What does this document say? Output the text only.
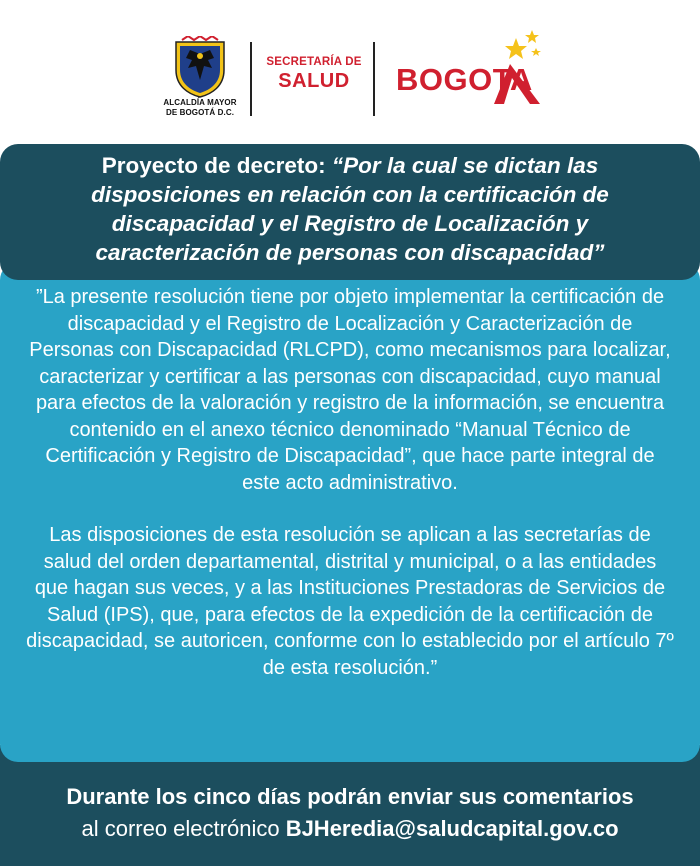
ALCALDÍA MAYOR
DE BOGOTÁ D.C.
SECRETARÍA DE
SALUD	BOGOTA
Proyecto de decreto: “Por la cual se dictan las disposiciones en relación con la certificación de discapacidad y el Registro de Localización y caracterización de personas con discapacidad”

”La presente resolución tiene por objeto implementar la certificación de discapacidad y el Registro de Localización y Caracterización de Personas con Discapacidad (RLCPD), como mecanismos para localizar, caracterizar y certificar a las personas con discapacidad, cuyo manual para efectos de la valoración y registro de la información, se encuentra contenido en el anexo técnico denominado “Manual Técnico de Certificación y Registro de Discapacidad”, que hace parte integral de este acto administrativo.

Las disposiciones de esta resolución se aplican a las secretarías de salud del orden departamental, distrital y municipal, o a las entidades que hagan sus veces, y a las Instituciones Prestadoras de Servicios de Salud (IPS), que, para efectos de la expedición de la certificación de discapacidad, se autoricen, conforme con lo establecido por el artículo 7º de esta resolución.”

Durante los cinco días podrán enviar sus comentarios
al correo electrónico BJHeredia@saludcapital.gov.co
